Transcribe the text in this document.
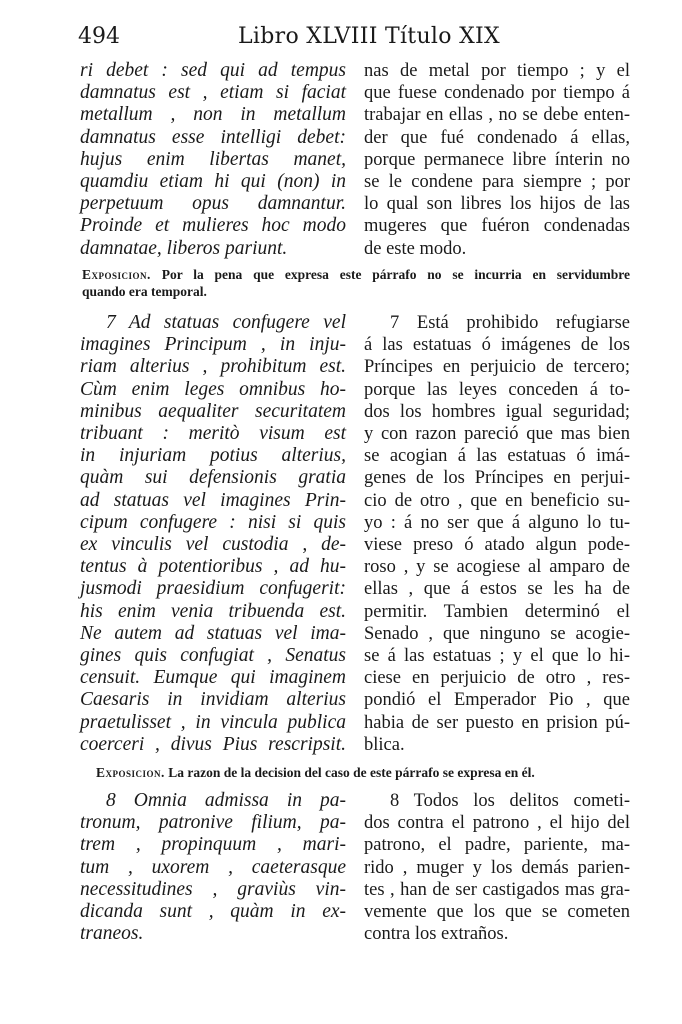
494	Libro XLVIII Título XIX
ri debet : sed qui ad tempus
damnatus est , etiam si faciat
metallum , non in metallum
damnatus esse intelligi debet:
hujus enim libertas manet,
quamdiu etiam hi qui (non) in
perpetuum opus damnantur.
Proinde et mulieres hoc modo
damnatae, liberos pariunt.
nas de metal por tiempo ; y el
que fuese condenado por tiempo á
trabajar en ellas , no se debe enten-
der que fué condenado á ellas,
porque permanece libre ínterin no
se le condene para siempre ; por
lo qual son libres los hijos de las
mugeres que fuéron condenadas
de este modo.
Exposicion. Por la pena que expresa este párrafo no se incurria en servidumbre
quando era temporal.
7 Ad statuas confugere vel
imagines Principum , in inju-
riam alterius , prohibitum est.
Cùm enim leges omnibus ho-
minibus aequaliter securitatem
tribuant : meritò visum est
in injuriam potius alterius,
quàm sui defensionis gratia
ad statuas vel imagines Prin-
cipum confugere : nisi si quis
ex vinculis vel custodia , de-
tentus à potentioribus , ad hu-
jusmodi praesidium confugerit:
his enim venia tribuenda est.
Ne autem ad statuas vel ima-
gines quis confugiat , Senatus
censuit. Eumque qui imaginem
Caesaris in invidiam alterius
praetulisset , in vincula publica
coerceri , divus Pius rescripsit.
7 Está prohibido refugiarse
á las estatuas ó imágenes de los
Príncipes en perjuicio de tercero;
porque las leyes conceden á to-
dos los hombres igual seguridad;
y con razon pareció que mas bien
se acogian á las estatuas ó imá-
genes de los Príncipes en perjui-
cio de otro , que en beneficio su-
yo : á no ser que á alguno lo tu-
viese preso ó atado algun pode-
roso , y se acogiese al amparo de
ellas , que á estos se les ha de
permitir. Tambien determinó el
Senado , que ninguno se acogie-
se á las estatuas ; y el que lo hi-
ciese en perjuicio de otro , res-
pondió el Emperador Pio , que
habia de ser puesto en prision pú-
blica.
Exposicion. La razon de la decision del caso de este párrafo se expresa en él.
8 Omnia admissa in pa-
tronum, patronive filium, pa-
trem , propinquum , mari-
tum , uxorem , caeterasque
necessitudines , graviùs vin-
dicanda sunt , quàm in ex-
traneos.
8 Todos los delitos cometi-
dos contra el patrono , el hijo del
patrono, el padre, pariente, ma-
rido , muger y los demás parien-
tes , han de ser castigados mas gra-
vemente que los que se cometen
contra los extraños.
